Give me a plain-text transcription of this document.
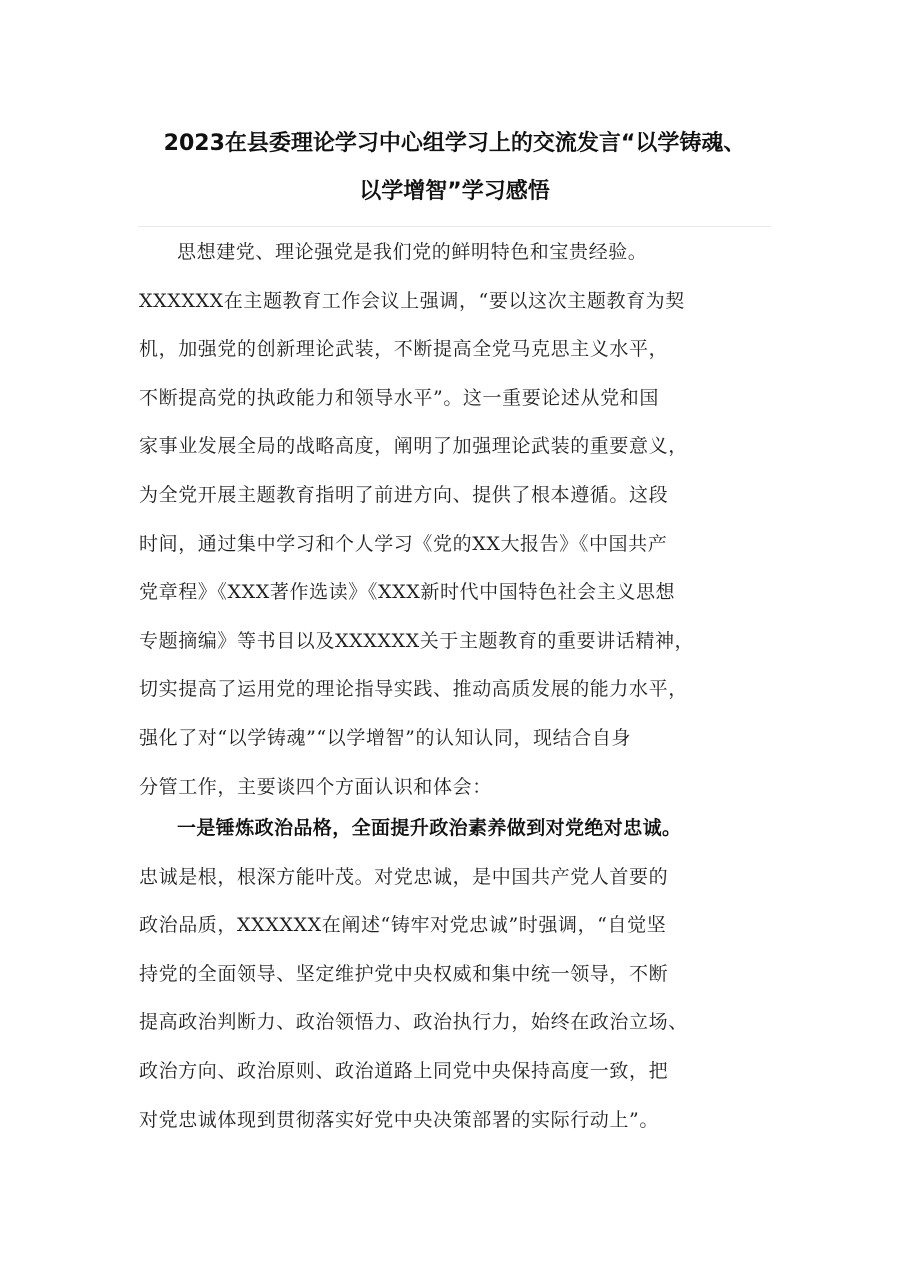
2023在县委理论学习中心组学习上的交流发言“以学铸魂、
以学增智”学习感悟
思想建党、理论强党是我们党的鲜明特色和宝贵经验。
XXXXXX在主题教育工作会议上强调，“要以这次主题教育为契
机，加强党的创新理论武装，不断提高全党马克思主义水平，
不断提高党的执政能力和领导水平”。这一重要论述从党和国
家事业发展全局的战略高度，阐明了加强理论武装的重要意义，
为全党开展主题教育指明了前进方向、提供了根本遵循。这段
时间，通过集中学习和个人学习《党的XX大报告》《中国共产
党章程》《XXX著作选读》《XXX新时代中国特色社会主义思想
专题摘编》等书目以及XXXXXX关于主题教育的重要讲话精神，
切实提高了运用党的理论指导实践、推动高质发展的能力水平，
强化了对“以学铸魂”“以学增智”的认知认同，现结合自身
分管工作，主要谈四个方面认识和体会：
一是锤炼政治品格，全面提升政治素养做到对党绝对忠诚。
忠诚是根，根深方能叶茂。对党忠诚，是中国共产党人首要的
政治品质，XXXXXX在阐述“铸牢对党忠诚”时强调，“自觉坚
持党的全面领导、坚定维护党中央权威和集中统一领导，不断
提高政治判断力、政治领悟力、政治执行力，始终在政治立场、
政治方向、政治原则、政治道路上同党中央保持高度一致，把
对党忠诚体现到贯彻落实好党中央决策部署的实际行动上”。
